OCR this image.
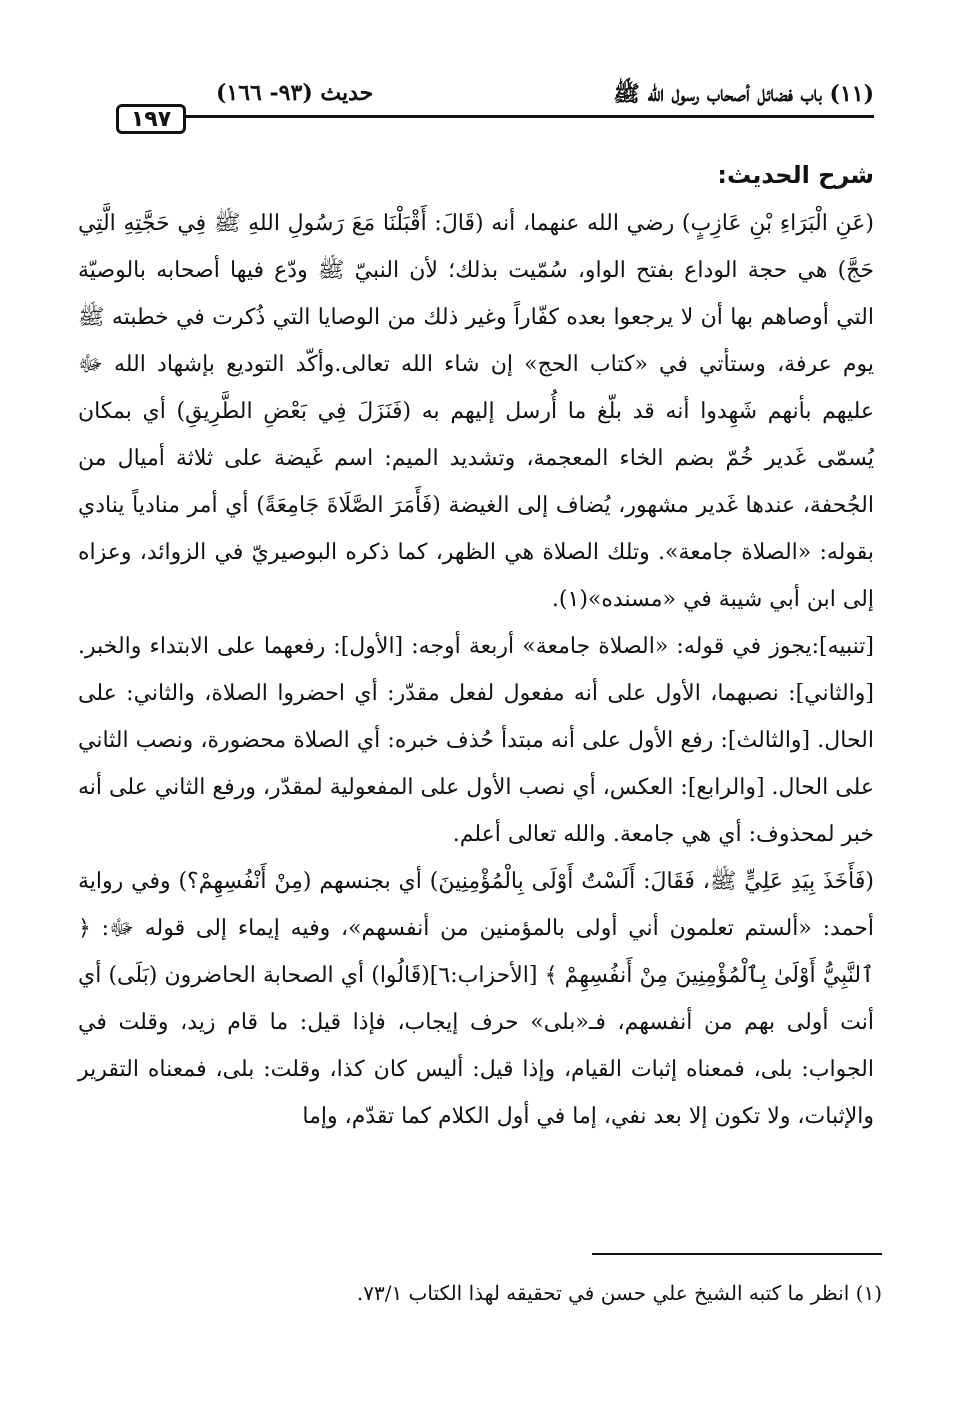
١٩٧
حديث (٩٣- ١٦٦)	(١١) باب فضائل أصحاب رسول الله ﷺ
شرح الحديث:

(عَنِ الْبَرَاءِ بْنِ عَازِبٍ) رضي الله عنهما، أنه (قَالَ: أَقْبَلْنَا مَعَ رَسُولِ اللهِ ﷺ فِي حَجَّتِهِ الَّتِي حَجَّ) هي حجة الوداع بفتح الواو، سُمّيت بذلك؛ لأن النبيّ ﷺ ودّع فيها أصحابه بالوصيّة التي أوصاهم بها أن لا يرجعوا بعده كفّاراً وغير ذلك من الوصايا التي ذُكرت في خطبته ﷺ يوم عرفة، وستأتي في «كتاب الحج» إن شاء الله تعالى.وأكّد التوديع بإشهاد الله ﷻ عليهم بأنهم شَهِدوا أنه قد بلّغ ما أُرسل إليهم به (فَنَزَلَ فِي بَعْضِ الطَّرِيقِ) أي بمكان يُسمّى غَدير خُمّ بضم الخاء المعجمة، وتشديد الميم: اسم غَيضة على ثلاثة أميال من الجُحفة، عندها غَدير مشهور، يُضاف إلى الغيضة (فَأَمَرَ الصَّلَاةَ جَامِعَةً) أي أمر منادياً ينادي بقوله: «الصلاة جامعة». وتلك الصلاة هي الظهر، كما ذكره البوصيريّ في الزوائد، وعزاه إلى ابن أبي شيبة في «مسنده»(١).

[تنبيه]:يجوز في قوله: «الصلاة جامعة» أربعة أوجه: [الأول]: رفعهما على الابتداء والخبر. [والثاني]: نصبهما، الأول على أنه مفعول لفعل مقدّر: أي احضروا الصلاة، والثاني: على الحال. [والثالث]: رفع الأول على أنه مبتدأ حُذف خبره: أي الصلاة محضورة، ونصب الثاني على الحال. [والرابع]: العكس، أي نصب الأول على المفعولية لمقدّر، ورفع الثاني على أنه خبر لمحذوف: أي هي جامعة. والله تعالى أعلم.

(فَأَخَذَ بِيَدِ عَلِيٍّ ﷺ، فَقَالَ: أَلَسْتُ أَوْلَى بِالْمُؤْمِنِينَ) أي بجنسهم (مِنْ أَنْفُسِهِمْ؟) وفي رواية أحمد: «ألستم تعلمون أني أولى بالمؤمنين من أنفسهم»، وفيه إيماء إلى قوله ﷻ: ﴿ ٱلنَّبِيُّ أَوْلَىٰ بِٱلْمُؤْمِنِينَ مِنْ أَنفُسِهِمْ ﴾ [الأحزاب:٦](قَالُوا) أي الصحابة الحاضرون (بَلَى) أي أنت أولى بهم من أنفسهم، فـ«بلى» حرف إيجاب، فإذا قيل: ما قام زيد، وقلت في الجواب: بلى، فمعناه إثبات القيام، وإذا قيل: أليس كان كذا، وقلت: بلى، فمعناه التقرير والإثبات، ولا تكون إلا بعد نفي، إما في أول الكلام كما تقدّم، وإما

(١) انظر ما كتبه الشيخ علي حسن في تحقيقه لهذا الكتاب ٧٣/١.
